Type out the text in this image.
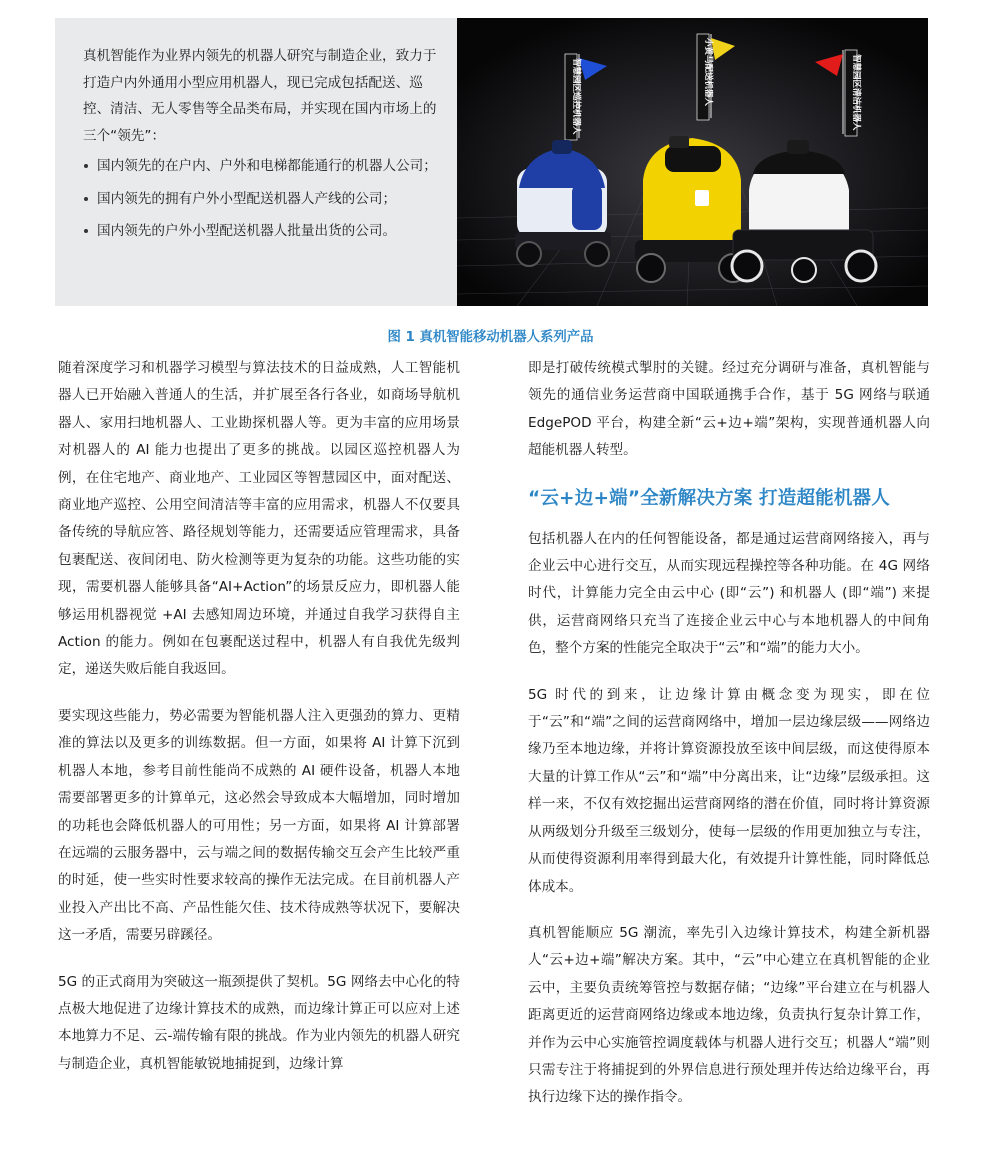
真机智能作为业界内领先的机器人研究与制造企业，致力于打造户内外通用小型应用机器人，现已完成包括配送、巡控、清洁、无人零售等全品类布局，并实现在国内市场上的三个“领先”：

国内领先的在户内、户外和电梯都能通行的机器人公司；
国内领先的拥有户外小型配送机器人产线的公司；
国内领先的户外小型配送机器人批量出货的公司。
智慧园区巡控机器人	小黄马配送机器人	智慧园区清洁机器人
图 1 真机智能移动机器人系列产品

随着深度学习和机器学习模型与算法技术的日益成熟，人工智能机器人已开始融入普通人的生活，并扩展至各行各业，如商场导航机器人、家用扫地机器人、工业勘探机器人等。更为丰富的应用场景对机器人的 AI 能力也提出了更多的挑战。以园区巡控机器人为例，在住宅地产、商业地产、工业园区等智慧园区中，面对配送、商业地产巡控、公用空间清洁等丰富的应用需求，机器人不仅要具备传统的导航应答、路径规划等能力，还需要适应管理需求，具备包裹配送、夜间闭电、防火检测等更为复杂的功能。这些功能的实现，需要机器人能够具备“AI+Action”的场景反应力，即机器人能够运用机器视觉 +AI 去感知周边环境，并通过自我学习获得自主 Action 的能力。例如在包裹配送过程中，机器人有自我优先级判定，递送失败后能自我返回。

要实现这些能力，势必需要为智能机器人注入更强劲的算力、更精准的算法以及更多的训练数据。但一方面，如果将 AI 计算下沉到机器人本地，参考目前性能尚不成熟的 AI 硬件设备，机器人本地需要部署更多的计算单元，这必然会导致成本大幅增加，同时增加的功耗也会降低机器人的可用性；另一方面，如果将 AI 计算部署在远端的云服务器中，云与端之间的数据传输交互会产生比较严重的时延，使一些实时性要求较高的操作无法完成。在目前机器人产业投入产出比不高、产品性能欠佳、技术待成熟等状况下，要解决这一矛盾，需要另辟蹊径。

5G 的正式商用为突破这一瓶颈提供了契机。5G 网络去中心化的特点极大地促进了边缘计算技术的成熟，而边缘计算正可以应对上述本地算力不足、云-端传输有限的挑战。作为业内领先的机器人研究与制造企业，真机智能敏锐地捕捉到，边缘计算

即是打破传统模式掣肘的关键。经过充分调研与准备，真机智能与领先的通信业务运营商中国联通携手合作，基于 5G 网络与联通EdgePOD 平台，构建全新“云+边+端”架构，实现普通机器人向超能机器人转型。

“云+边+端”全新解决方案 打造超能机器人

包括机器人在内的任何智能设备，都是通过运营商网络接入，再与企业云中心进行交互，从而实现远程操控等各种功能。在 4G 网络时代，计算能力完全由云中心 (即“云”) 和机器人 (即“端”) 来提供，运营商网络只充当了连接企业云中心与本地机器人的中间角色，整个方案的性能完全取决于“云”和“端”的能力大小。

5G 时代的到来，让边缘计算由概念变为现实，即在位于“云”和“端”之间的运营商网络中，增加一层边缘层级——网络边缘乃至本地边缘，并将计算资源投放至该中间层级，而这使得原本大量的计算工作从“云”和“端”中分离出来，让“边缘”层级承担。这样一来，不仅有效挖掘出运营商网络的潜在价值，同时将计算资源从两级划分升级至三级划分，使每一层级的作用更加独立与专注，从而使得资源利用率得到最大化，有效提升计算性能，同时降低总体成本。

真机智能顺应 5G 潮流，率先引入边缘计算技术，构建全新机器人“云+边+端”解决方案。其中，“云”中心建立在真机智能的企业云中，主要负责统筹管控与数据存储；“边缘”平台建立在与机器人距离更近的运营商网络边缘或本地边缘，负责执行复杂计算工作，并作为云中心实施管控调度载体与机器人进行交互；机器人“端”则只需专注于将捕捉到的外界信息进行预处理并传达给边缘平台，再执行边缘下达的操作指令。
